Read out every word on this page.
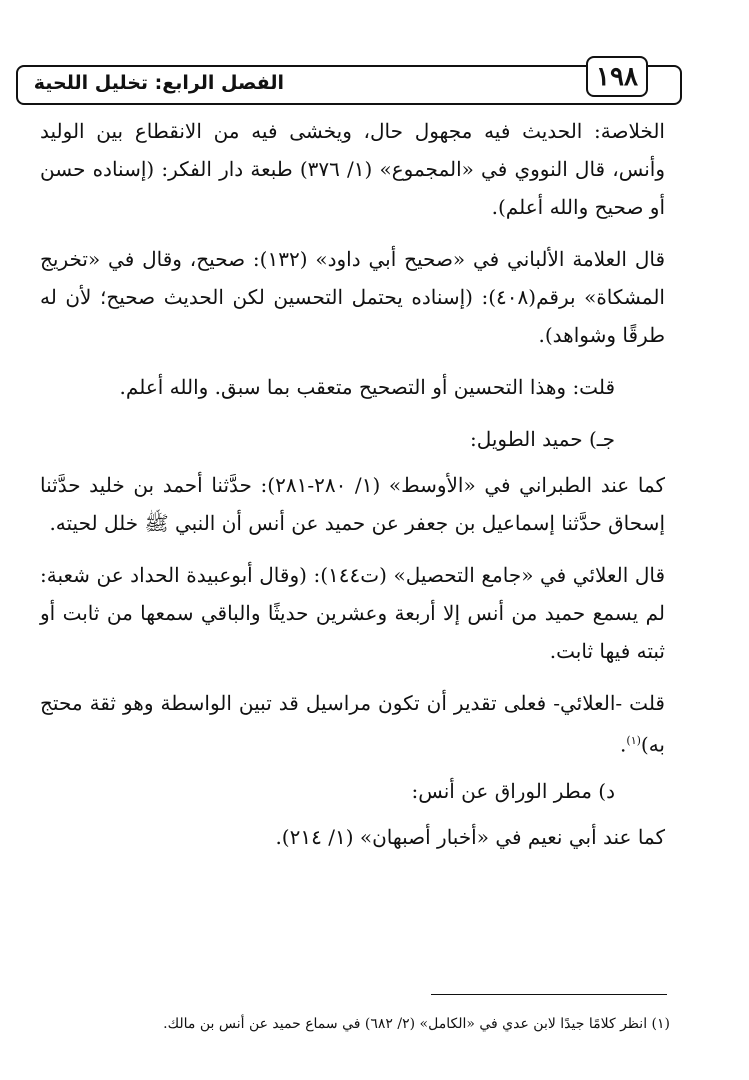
الفصل الرابع: تخليل اللحية	١٩٨

الخلاصة: الحديث فيه مجهول حال، ويخشى فيه من الانقطاع بين الوليد وأنس، قال النووي في «المجموع» (١/ ٣٧٦) طبعة دار الفكر: (إسناده حسن أو صحيح والله أعلم).

قال العلامة الألباني في «صحيح أبي داود» (١٣٢): صحيح، وقال في «تخريج المشكاة» برقم(٤٠٨): (إسناده يحتمل التحسين لكن الحديث صحيح؛ لأن له طرقًا وشواهد).

قلت: وهذا التحسين أو التصحيح متعقب بما سبق. والله أعلم.

جـ) حميد الطويل:

كما عند الطبراني في «الأوسط» (١/ ٢٨٠-٢٨١): حدَّثنا أحمد بن خليد حدَّثنا إسحاق حدَّثنا إسماعيل بن جعفر عن حميد عن أنس أن النبي ﷺ خلل لحيته.

قال العلائي في «جامع التحصيل» (ت١٤٤): (وقال أبوعبيدة الحداد عن شعبة: لم يسمع حميد من أنس إلا أربعة وعشرين حديثًا والباقي سمعها من ثابت أو ثبته فيها ثابت.

قلت -العلائي- فعلى تقدير أن تكون مراسيل قد تبين الواسطة وهو ثقة محتج به)$^{(١)}$.

د) مطر الوراق عن أنس:

كما عند أبي نعيم في «أخبار أصبهان» (١/ ٢١٤).

(١) انظر كلامًا جيدًا لابن عدي في «الكامل» (٢/ ٦٨٢) في سماع حميد عن أنس بن مالك.
